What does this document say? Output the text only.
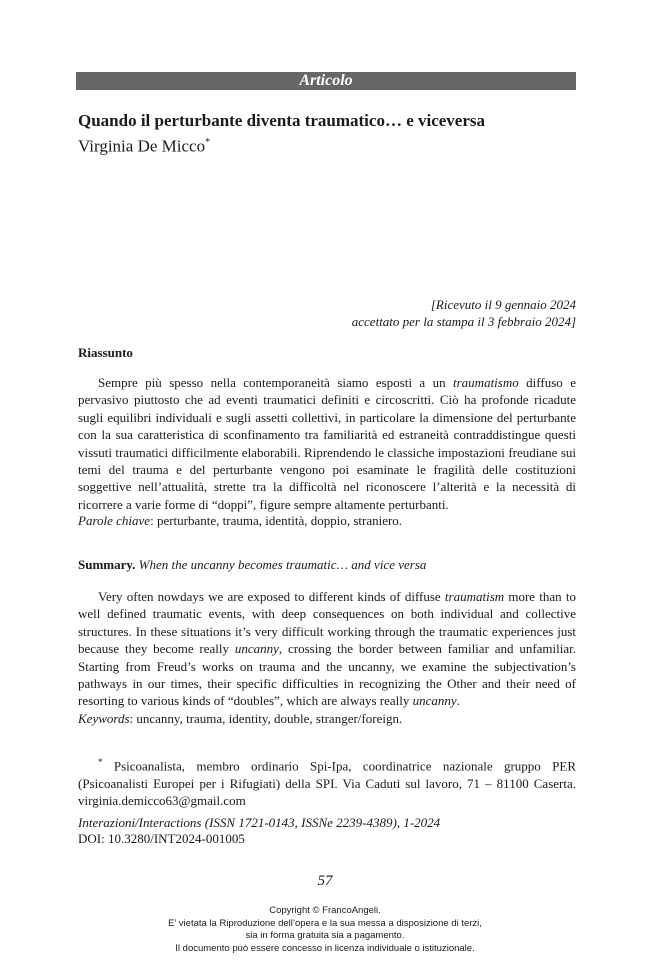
Articolo
Quando il perturbante diventa traumatico… e viceversa
Virginia De Micco*
[Ricevuto il 9 gennaio 2024
accettato per la stampa il 3 febbraio 2024]
Riassunto
Sempre più spesso nella contemporaneità siamo esposti a un traumatismo diffuso e pervasivo piuttosto che ad eventi traumatici definiti e circoscritti. Ciò ha profonde ricadute sugli equilibri individuali e sugli assetti collettivi, in particolare la dimensione del perturbante con la sua caratteristica di sconfinamento tra familiarità ed estraneità contraddistingue questi vissuti traumatici difficilmente elaborabili. Riprendendo le classiche impostazioni freudiane sui temi del trauma e del perturbante vengono poi esaminate le fragilità delle costituzioni soggettive nell’attualità, strette tra la difficoltà nel riconoscere l’alterità e la necessità di ricorrere a varie forme di “doppi”, figure sempre altamente perturbanti.
Parole chiave: perturbante, trauma, identità, doppio, straniero.
Summary. When the uncanny becomes traumatic… and vice versa
Very often nowdays we are exposed to different kinds of diffuse traumatism more than to well defined traumatic events, with deep consequences on both individual and collective structures. In these situations it’s very difficult working through the traumatic experiences just because they become really uncanny, crossing the border between familiar and unfamiliar. Starting from Freud’s works on trauma and the uncanny, we examine the subjectivation’s pathways in our times, their specific difficulties in recognizing the Other and their need of resorting to various kinds of “doubles”, which are always really uncanny.
Keywords: uncanny, trauma, identity, double, stranger/foreign.
* Psicoanalista, membro ordinario Spi-Ipa, coordinatrice nazionale gruppo PER (Psicoanalisti Europei per i Rifugiati) della SPI. Via Caduti sul lavoro, 71 – 81100 Caserta. virginia.demicco63@gmail.com
Interazioni/Interactions (ISSN 1721-0143, ISSNe 2239-4389), 1-2024
DOI: 10.3280/INT2024-001005
57
Copyright © FrancoAngeli.
E’ vietata la Riproduzione dell’opera e la sua messa a disposizione di terzi,
sia in forma gratuita sia a pagamento.
Il documento può essere concesso in licenza individuale o istituzionale.
